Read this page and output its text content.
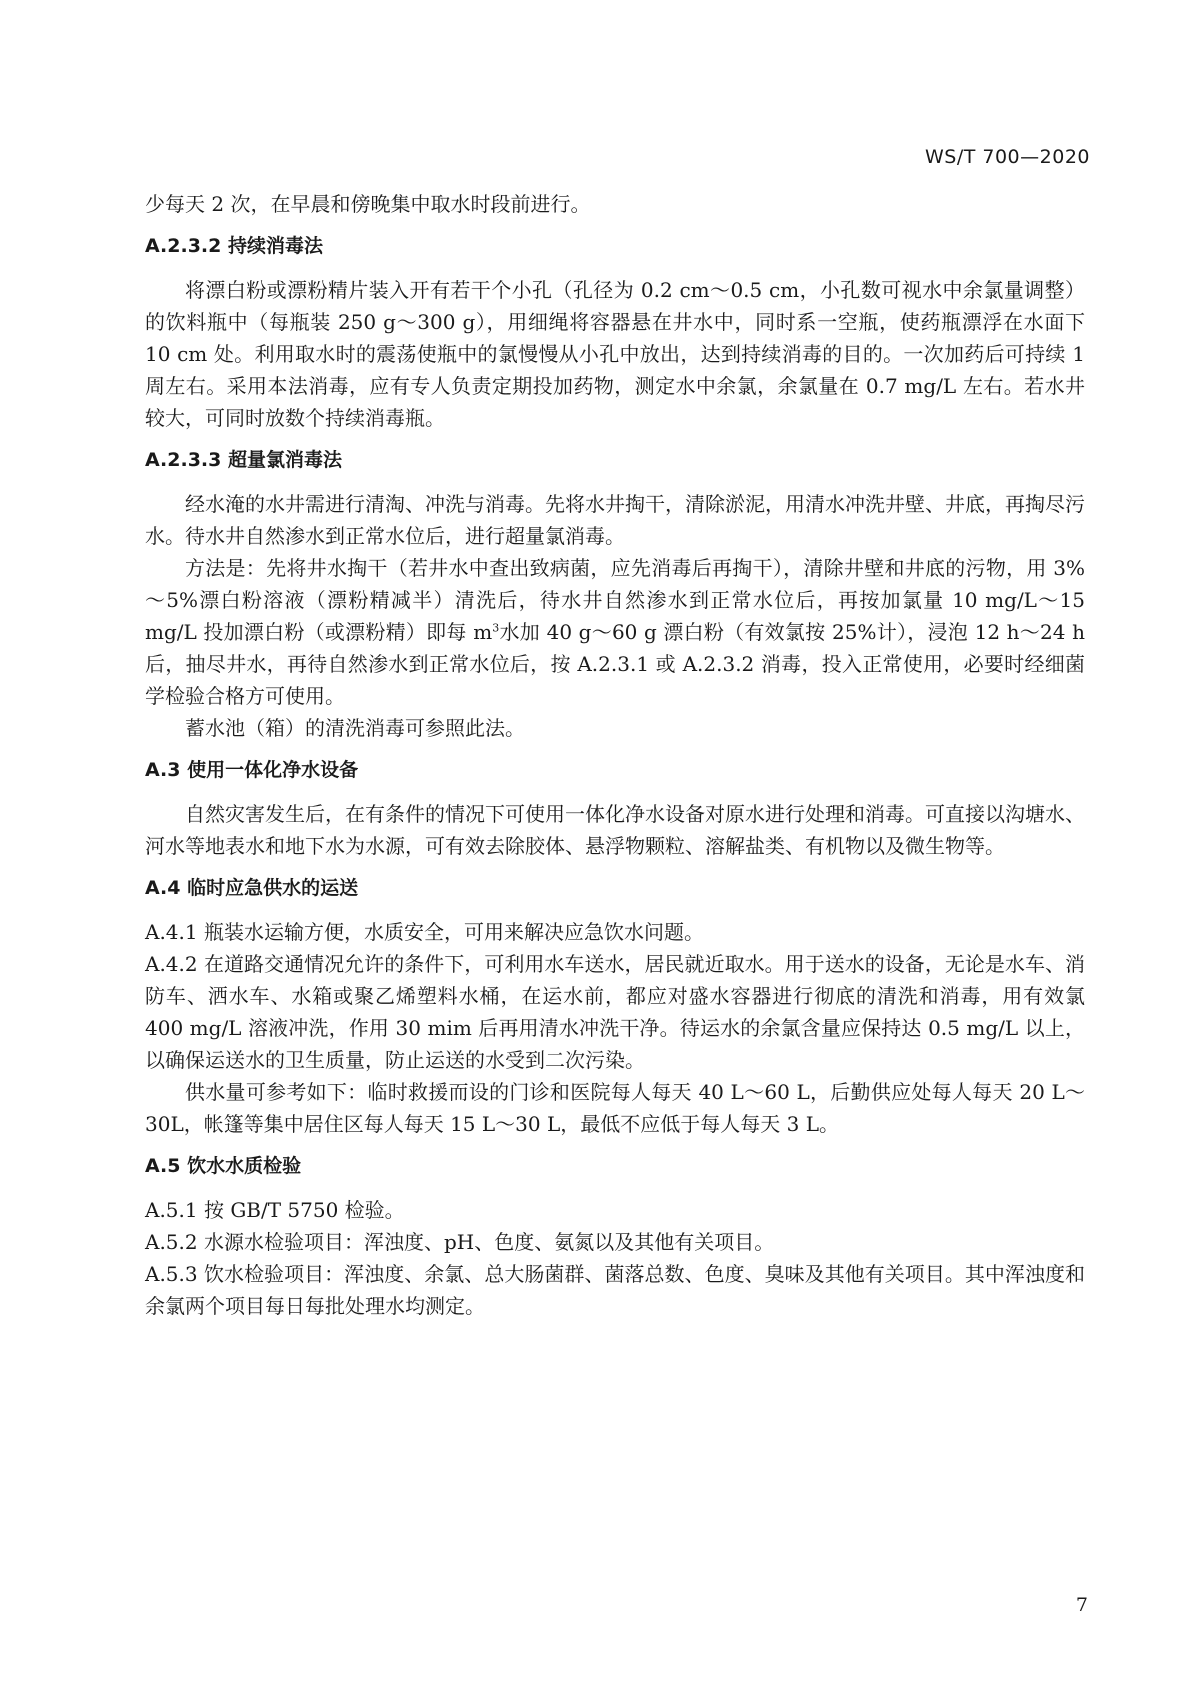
WS/T 700—2020

少每天 2 次，在早晨和傍晚集中取水时段前进行。

A.2.3.2 持续消毒法

将漂白粉或漂粉精片装入开有若干个小孔（孔径为 0.2 cm～0.5 cm，小孔数可视水中余氯量调整）的饮料瓶中（每瓶装 250 g～300 g），用细绳将容器悬在井水中，同时系一空瓶，使药瓶漂浮在水面下 10 cm 处。利用取水时的震荡使瓶中的氯慢慢从小孔中放出，达到持续消毒的目的。一次加药后可持续 1 周左右。采用本法消毒，应有专人负责定期投加药物，测定水中余氯，余氯量在 0.7 mg/L 左右。若水井较大，可同时放数个持续消毒瓶。

A.2.3.3 超量氯消毒法

经水淹的水井需进行清淘、冲洗与消毒。先将水井掏干，清除淤泥，用清水冲洗井壁、井底，再掏尽污水。待水井自然渗水到正常水位后，进行超量氯消毒。

方法是：先将井水掏干（若井水中查出致病菌，应先消毒后再掏干），清除井壁和井底的污物，用 3%～5%漂白粉溶液（漂粉精减半）清洗后，待水井自然渗水到正常水位后，再按加氯量 10 mg/L～15 mg/L 投加漂白粉（或漂粉精）即每 $m^3$水加 40 g～60 g 漂白粉（有效氯按 25%计），浸泡 12 h～24 h 后，抽尽井水，再待自然渗水到正常水位后，按 A.2.3.1 或 A.2.3.2 消毒，投入正常使用，必要时经细菌学检验合格方可使用。

蓄水池（箱）的清洗消毒可参照此法。

A.3 使用一体化净水设备

自然灾害发生后，在有条件的情况下可使用一体化净水设备对原水进行处理和消毒。可直接以沟塘水、河水等地表水和地下水为水源，可有效去除胶体、悬浮物颗粒、溶解盐类、有机物以及微生物等。

A.4 临时应急供水的运送

A.4.1 瓶装水运输方便，水质安全，可用来解决应急饮水问题。

A.4.2 在道路交通情况允许的条件下，可利用水车送水，居民就近取水。用于送水的设备，无论是水车、消防车、洒水车、水箱或聚乙烯塑料水桶，在运水前，都应对盛水容器进行彻底的清洗和消毒，用有效氯 400 mg/L 溶液冲洗，作用 30 mim 后再用清水冲洗干净。待运水的余氯含量应保持达 0.5 mg/L 以上，以确保运送水的卫生质量，防止运送的水受到二次污染。

供水量可参考如下：临时救援而设的门诊和医院每人每天 40 L～60 L，后勤供应处每人每天 20 L～30L，帐篷等集中居住区每人每天 15 L～30 L，最低不应低于每人每天 3 L。

A.5 饮水水质检验

A.5.1 按 GB/T 5750 检验。

A.5.2 水源水检验项目：浑浊度、pH、色度、氨氮以及其他有关项目。

A.5.3 饮水检验项目：浑浊度、余氯、总大肠菌群、菌落总数、色度、臭味及其他有关项目。其中浑浊度和余氯两个项目每日每批处理水均测定。

7
